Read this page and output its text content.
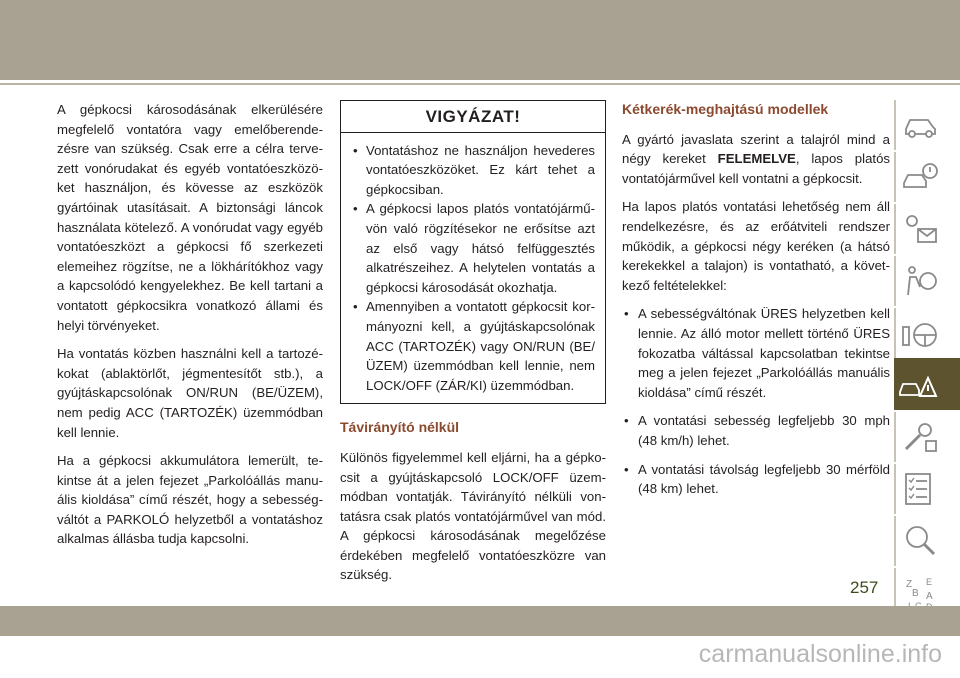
A gépkocsi károsodásának elkerülésére megfelelő vontatóra vagy emelőberendezésre van szükség. Csak erre a célra tervezett vonórudakat és egyéb vontatóeszközöket használjon, és kövesse az eszközök gyártóinak utasításait. A biztonsági láncok használata kötelező. A vonórudat vagy egyéb vontatóeszközt a gépkocsi fő szerkezeti elemeihez rögzítse, ne a lökhárítókhoz vagy a kapcsolódó kengyelekhez. Be kell tartani a vontatott gépkocsikra vonatkozó állami és helyi törvényeket.

Ha vontatás közben használni kell a tartozékokat (ablaktörlőt, jégmentesítőt stb.), a gyújtáskapcsolónak ON/RUN (BE/ÜZEM), nem pedig ACC (TARTOZÉK) üzemmódban kell lennie.

Ha a gépkocsi akkumulátora lemerült, tekintse át a jelen fejezet „Parkolóállás manuális kioldása” című részét, hogy a sebességváltót a PARKOLÓ helyzetből a vontatáshoz alkalmas állásba tudja kapcsolni.

VIGYÁZAT!
• Vontatáshoz ne használjon hevederes vontatóeszközöket. Ez kárt tehet a gépkocsiban.
• A gépkocsi lapos platós vontatójárművön való rögzítésekor ne erősítse azt az első vagy hátsó felfüggesztés alkatrészeihez. A helytelen vontatás a gépkocsi károsodását okozhatja.
• Amennyiben a vontatott gépkocsit kormányozni kell, a gyújtáskapcsolónak ACC (TARTOZÉK) vagy ON/RUN (BE/ ÜZEM) üzemmódban kell lennie, nem LOCK/OFF (ZÁR/KI) üzemmódban.
Távirányító nélkül

Különös figyelemmel kell eljárni, ha a gépkocsit a gyújtáskapcsoló LOCK/OFF üzemmódban vontatják. Távirányító nélküli vontatásra csak platós vontatójárművel van mód. A gépkocsi károsodásának megelőzése érdekében megfelelő vontatóeszközre van szükség.

Kétkerék-meghajtású modellek

A gyártó javaslata szerint a talajról mind a négy kereket FELEMELVE, lapos platós vontatójárművel kell vontatni a gépkocsit.

Ha lapos platós vontatási lehetőség nem áll rendelkezésre, és az erőátviteli rendszer működik, a gépkocsi négy keréken (a hátsó kerekekkel a talajon) is vontatható, a következő feltételekkel:

• A sebességváltónak ÜRES helyzetben kell lennie. Az álló motor mellett történő ÜRES fokozatba váltással kapcsolatban tekintse meg a jelen fejezet „Parkolóállás manuális kioldása” című részét.
• A vontatási sebesség legfeljebb 30 mph (48 km/h) lehet.
• A vontatási távolság legfeljebb 30 mérföld (48 km) lehet.
Z E
B A
257
carmanualsonline.info
